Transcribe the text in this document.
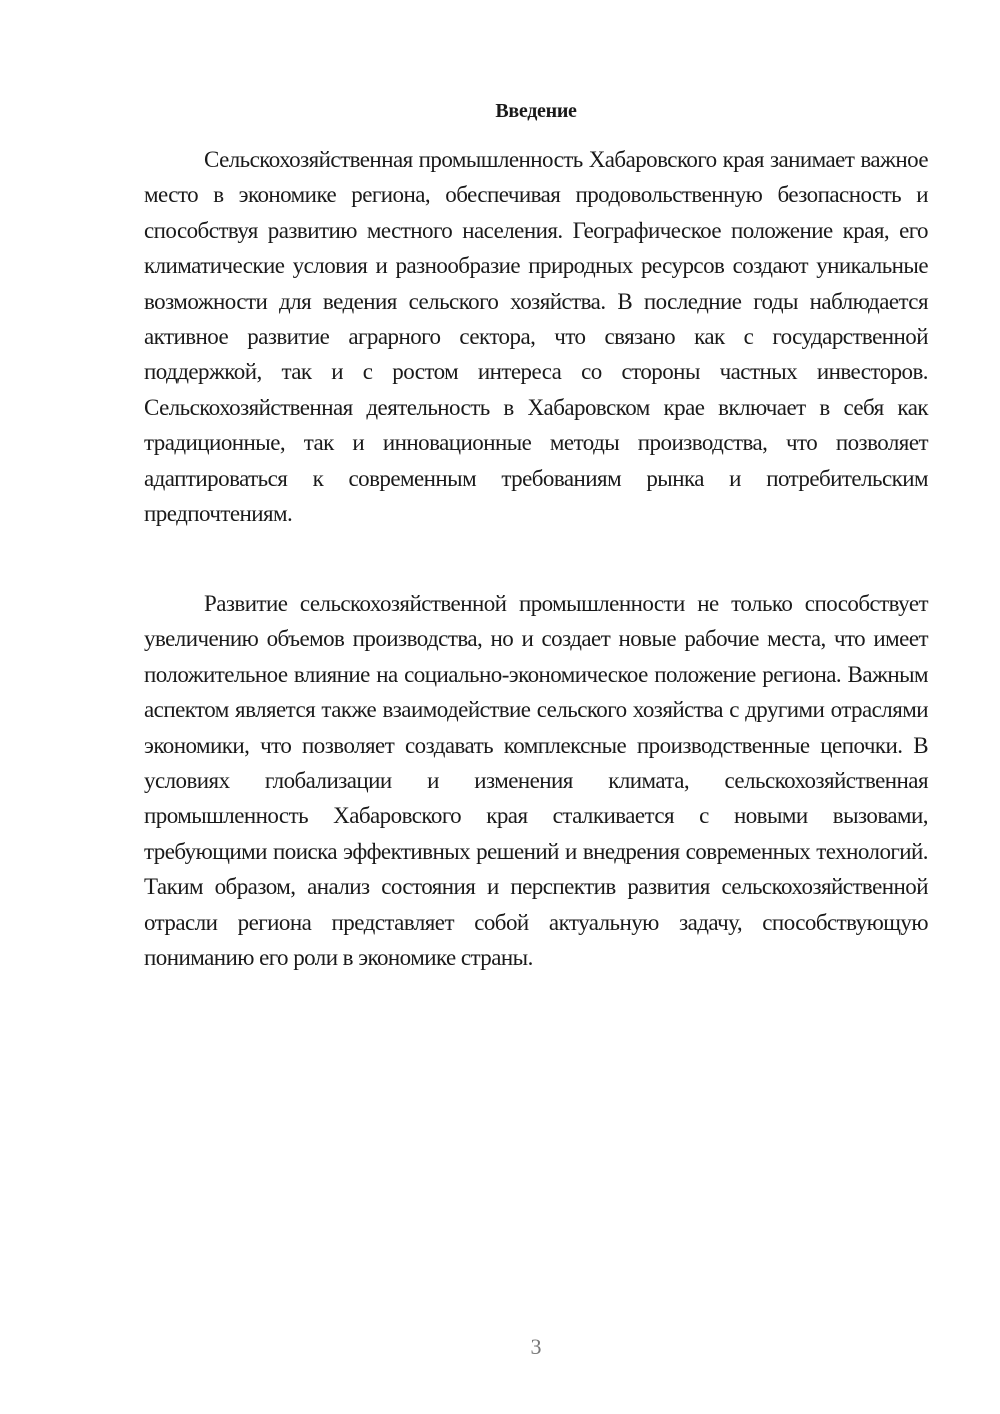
Введение

Сельскохозяйственная промышленность Хабаровского края занимает важное место в экономике региона, обеспечивая продовольственную безопасность и способствуя развитию местного населения. Географическое положение края, его климатические условия и разнообразие природных ресурсов создают уникальные возможности для ведения сельского хозяйства. В последние годы наблюдается активное развитие аграрного сектора, что связано как с государственной поддержкой, так и с ростом интереса со стороны частных инвесторов. Сельскохозяйственная деятельность в Хабаровском крае включает в себя как традиционные, так и инновационные методы производства, что позволяет адаптироваться к современным требованиям рынка и потребительским предпочтениям.

Развитие сельскохозяйственной промышленности не только способствует увеличению объемов производства, но и создает новые рабочие места, что имеет положительное влияние на социально-экономическое положение региона. Важным аспектом является также взаимодействие сельского хозяйства с другими отраслями экономики, что позволяет создавать комплексные производственные цепочки. В условиях глобализации и изменения климата, сельскохозяйственная промышленность Хабаровского края сталкивается с новыми вызовами, требующими поиска эффективных решений и внедрения современных технологий. Таким образом, анализ состояния и перспектив развития сельскохозяйственной отрасли региона представляет собой актуальную задачу, способствующую пониманию его роли в экономике страны.

3
